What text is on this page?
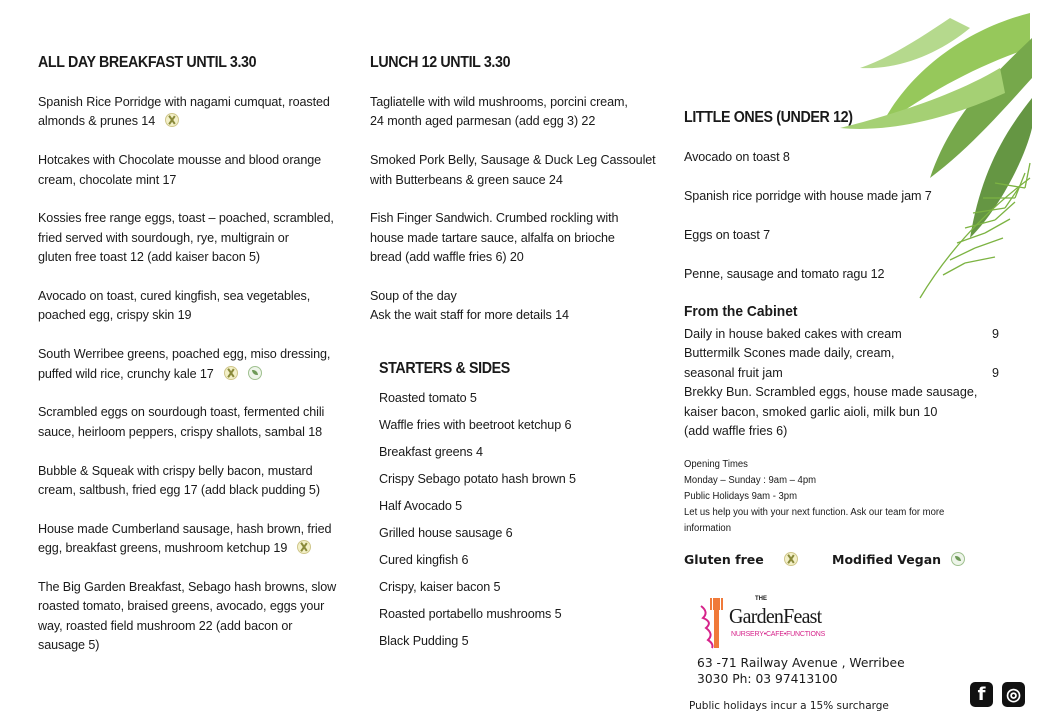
ALL DAY BREAKFAST UNTIL 3.30
Spanish Rice Porridge with nagami cumquat, roasted
almonds & prunes 14
Hotcakes with Chocolate mousse and blood orange
cream, chocolate mint 17
Kossies free range eggs, toast – poached, scrambled,
fried served with sourdough, rye, multigrain or
gluten free toast 12 (add kaiser bacon 5)
Avocado on toast, cured kingfish, sea vegetables,
poached egg, crispy skin 19
South Werribee greens, poached egg, miso dressing,
puffed wild rice, crunchy kale 17
Scrambled eggs on sourdough toast, fermented chili
sauce, heirloom peppers, crispy shallots, sambal 18
Bubble & Squeak with crispy belly bacon, mustard
cream, saltbush, fried egg 17 (add black pudding 5)
House made Cumberland sausage, hash brown, fried
egg, breakfast greens, mushroom ketchup 19
The Big Garden Breakfast, Sebago hash browns, slow
roasted tomato, braised greens, avocado, eggs your
way, roasted field mushroom 22 (add bacon or
sausage 5)
LUNCH 12 UNTIL 3.30
Tagliatelle with wild mushrooms, porcini cream,
24 month aged parmesan (add egg 3) 22
Smoked Pork Belly, Sausage & Duck Leg Cassoulet
with Butterbeans & green sauce 24
Fish Finger Sandwich. Crumbed rockling with
house made tartare sauce, alfalfa on brioche
bread (add waffle fries 6) 20
Soup of the day
Ask the wait staff for more details 14
STARTERS & SIDES
Roasted tomato 5
Waffle fries with beetroot ketchup 6
Breakfast greens 4
Crispy Sebago potato hash brown 5
Half Avocado 5
Grilled house sausage 6
Cured kingfish 6
Crispy, kaiser bacon 5
Roasted portabello mushrooms 5
Black Pudding 5
LITTLE ONES (UNDER 12)
Avocado on toast 8
Spanish rice porridge with house made jam 7
Eggs on toast 7
Penne, sausage and tomato ragu 12
From the Cabinet
Daily in house baked cakes with cream	9
Buttermilk Scones made daily, cream,
seasonal fruit jam	9
Brekky Bun. Scrambled eggs, house made sausage,
kaiser bacon, smoked garlic aioli, milk bun 10
(add waffle fries 6)
Opening Times
Monday – Sunday : 9am – 4pm
Public Holidays 9am - 3pm
Let us help you with your next function. Ask our team for more
information
Gluten free	Modified Vegan
THE
GardenFeast
NURSERY•CAFE•FUNCTIONS
63 -71 Railway Avenue , Werribee
3030 Ph: 03 97413100
Public holidays incur a 15% surcharge
f	◎
